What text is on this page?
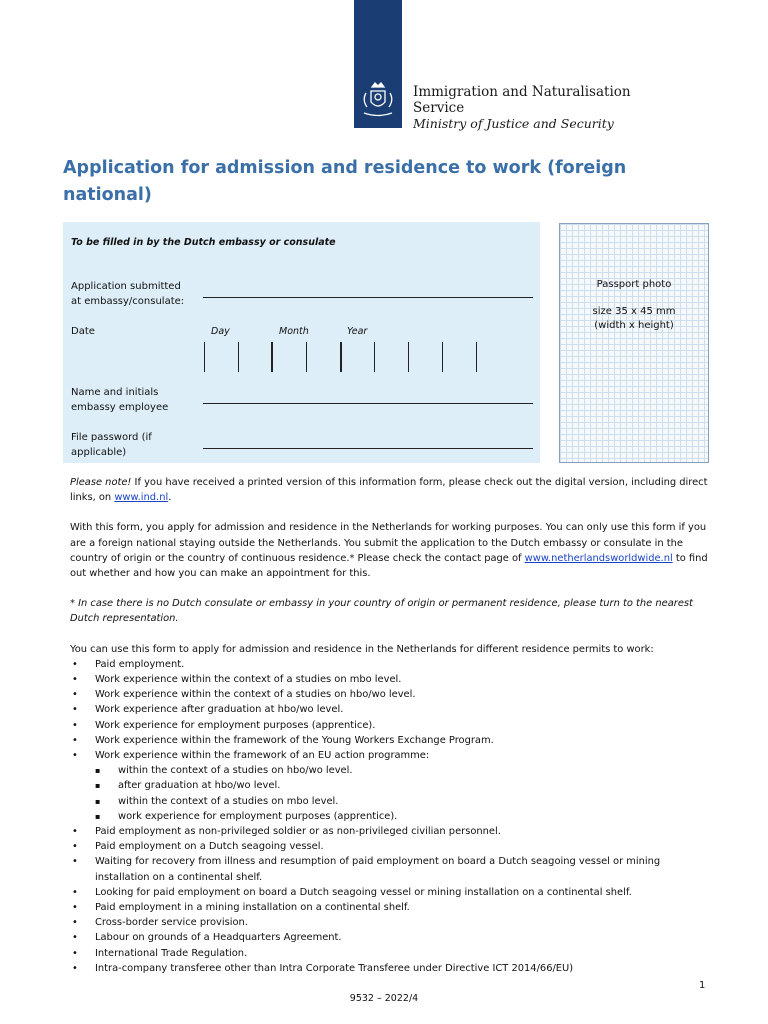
Immigration and Naturalisation
Service
Ministry of Justice and Security
Application for admission and residence to work (foreign national)
To be filled in by the Dutch embassy or consulate
Application submitted
at embassy/consulate:
Date	Day	Month	Year
Name and initials
embassy employee
File password (if
applicable)
Passport photo
size 35 x 45 mm
(width x height)

Please note! If you have received a printed version of this information form, please check out the digital version, including direct links, on www.ind.nl.

With this form, you apply for admission and residence in the Netherlands for working purposes. You can only use this form if you are a foreign national staying outside the Netherlands. You submit the application to the Dutch embassy or consulate in the country of origin or the country of continuous residence.* Please check the contact page of www.netherlandsworldwide.nl to find out whether and how you can make an appointment for this.

* In case there is no Dutch consulate or embassy in your country of origin or permanent residence, please turn to the nearest Dutch representation.

You can use this form to apply for admission and residence in the Netherlands for different residence permits to work:
• Paid employment.
• Work experience within the context of a studies on mbo level.
• Work experience within the context of a studies on hbo/wo level.
• Work experience after graduation at hbo/wo level.
• Work experience for employment purposes (apprentice).
• Work experience within the framework of the Young Workers Exchange Program.
• Work experience within the framework of an EU action programme:
▪ within the context of a studies on hbo/wo level.
▪ after graduation at hbo/wo level.
▪ within the context of a studies on mbo level.
▪ work experience for employment purposes (apprentice).
• Paid employment as non-privileged soldier or as non-privileged civilian personnel.
• Paid employment on a Dutch seagoing vessel.
• Waiting for recovery from illness and resumption of paid employment on board a Dutch seagoing vessel or mining installation on a continental shelf.
• Looking for paid employment on board a Dutch seagoing vessel or mining installation on a continental shelf.
• Paid employment in a mining installation on a continental shelf.
• Cross-border service provision.
• Labour on grounds of a Headquarters Agreement.
• International Trade Regulation.
• Intra-company transferee other than Intra Corporate Transferee under Directive ICT 2014/66/EU)
1
9532 – 2022/4
